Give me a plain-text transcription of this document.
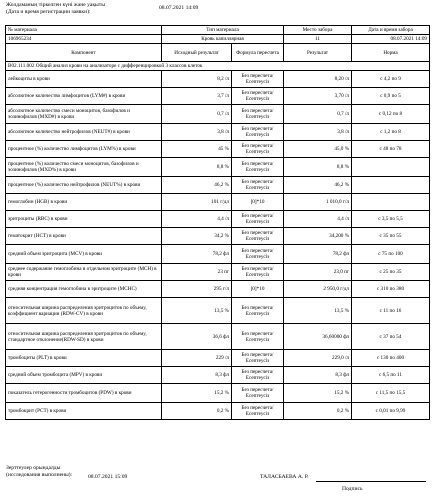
Жолдаманың тіркелген күні және уақыты
(Дата и время регистрации заявки):
08.07.2021 14:09
№ материала	Тип материала		Место забора	Дата и время забора
106965234	Кровь капиллярная		11	08.07.2021 14:09
Компонент	Исходный результат	Формула пересчета	Результат	Норма
В02.111.002 Общий анализ крови на анализаторе с дифференцировкой 3 классов клеток				
лейкоциты в крови	8,2 /л	Без пересчета/ Есептеусіз	8,20 /л	с 4,2 по 9
абсолютное количество лимфоцитов (LYM#) в крови	3,7 /л	Без пересчета/ Есептеусіз	3,70 /л	с 0,9 по 5
абсолютное количество смеси моноцитов, базофилов и эозинофилов (MXD#) в крови	0,7 /л	Без пересчета/ Есептеусіз	0,7 /л	с 0,12 по 8
абсолютное количество нейтрофилов (NEUT#) в крови	3,8 /л	Без пересчета/ Есептеусіз	3,8 /л	с 1,2 по 8
процентное (%) количество лимфоцитов (LYM%) в крови	45 %	Без пересчета/ Есептеусіз	45,0 %	с 48 по 78
процентное (%) количество смеси моноцитов, базофилов и эозинофилов (MXD%) в крови	8,8 %	Без пересчета/ Есептеусіз	8,8 %	
процентное (%) количество нейтрофилов (NEUT%) в крови	46,2 %	Без пересчета/ Есептеусіз	46,2 %	
гемоглобин (HGB) в крови	101 г/дл	[0]*10	1 010,0 г/л	
эритроциты (RBC) в крови	4,4 /л	Без пересчета/ Есептеусіз	4,4 /л	с 3,5 по 5,5
гематокрит (HCT) в крови	34,2 %	Без пересчета/ Есептеусіз	34,200 %	с 35 по 55
средний объем эритроцита (MCV) в крови	78,2 фл	Без пересчета/ Есептеусіз	78,2 фл	с 75 по 100
среднее содержание гемоглобина в отдельном эритроците (MCH) в крови	23 пг	Без пересчета/ Есептеусіз	23,0 пг	с 25 по 35
средняя концентрация гемоглобина в эритроците (MCHC)	295 г/л	[0]*10	2 950,0 г/дл	с 310 по 380
относительная ширина распределения эритроцитов по объему, коэффициент вариации (RDW-CV) в крови	13,5 %	Без пересчета/ Есептеусіз	13,5 %	с 11 по 16
относительная ширина распределения эритроцитов по объему, стандартное отклонение(RDW-SD) в крови	36,6 фл	Без пересчета/ Есептеусіз	36,60000 фл	с 37 по 54
тромбоциты (PLT) в крови	229 /л	Без пересчета/ Есептеусіз	229,0 /л	с 130 по 400
средний объем тромбоцита (MPV) в крови	8,3 фл	Без пересчета/ Есептеусіз	8,3 фл	с 6,5 по 11
показатель гетерогенности тромбоцитов (PDW) в крови	15,2 %	Без пересчета/ Есептеусіз	15,2 %	с 11,5 по 15,5
тромбокрит (PCT) в крови	0,2 %	Без пересчета/ Есептеусіз	0,2 %	с 0,01 по 9,99
Зерттеулер орындалды
(исследования выполнены):	08.07.2021 15:09	ТАЛАСБАЕВА А. Р.
Подпись
